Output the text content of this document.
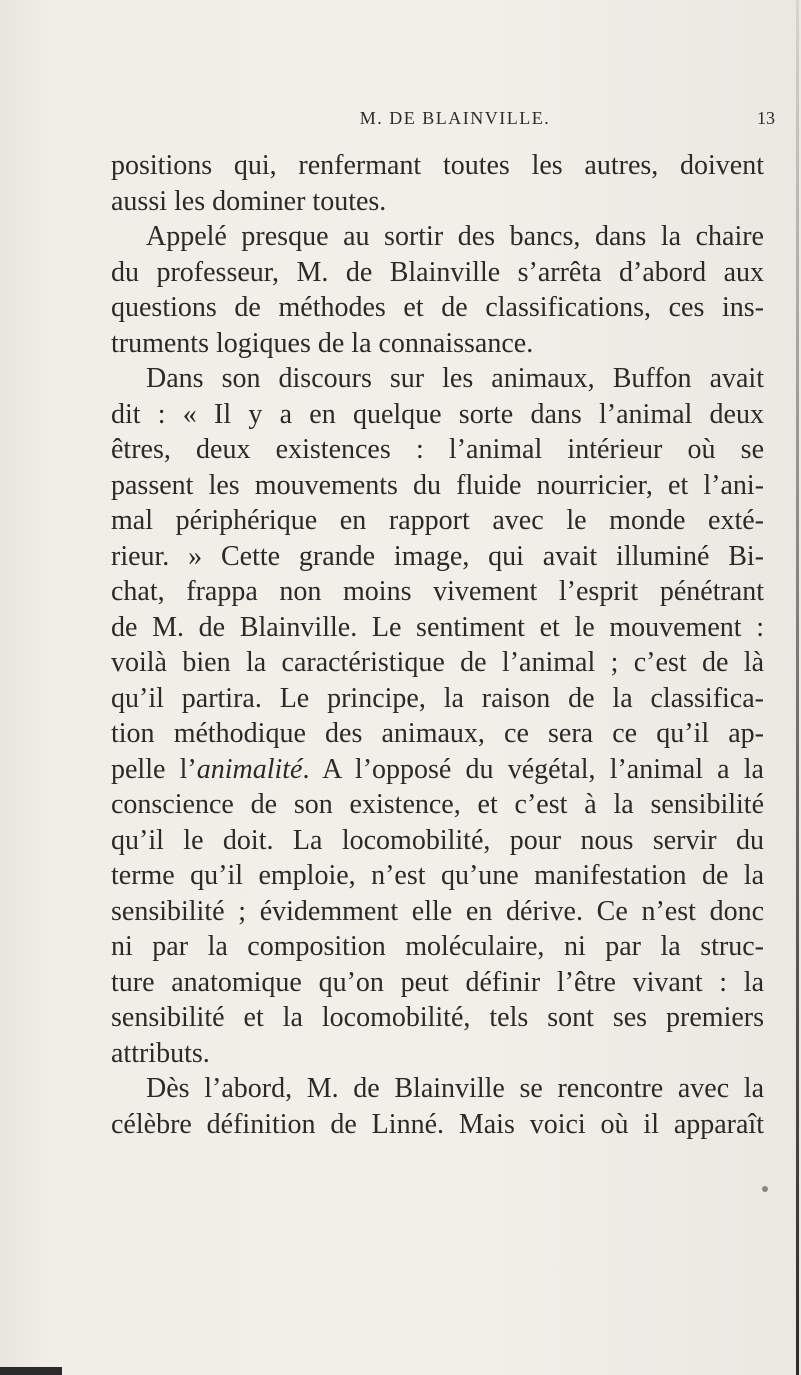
M. DE BLAINVILLE.	13

positions qui, renfermant toutes les autres, doivent

aussi les dominer toutes.

Appelé presque au sortir des bancs, dans la chaire

du professeur, M. de Blainville s’arrêta d’abord aux

questions de méthodes et de classifications, ces ins-

truments logiques de la connaissance.

Dans son discours sur les animaux, Buffon avait

dit : « Il y a en quelque sorte dans l’animal deux

êtres, deux existences : l’animal intérieur où se

passent les mouvements du fluide nourricier, et l’ani-

mal périphérique en rapport avec le monde exté-

rieur. » Cette grande image, qui avait illuminé Bi-

chat, frappa non moins vivement l’esprit pénétrant

de M. de Blainville. Le sentiment et le mouvement :

voilà bien la caractéristique de l’animal ; c’est de là

qu’il partira. Le principe, la raison de la classifica-

tion méthodique des animaux, ce sera ce qu’il ap-

pelle l’animalité. A l’opposé du végétal, l’animal a la

conscience de son existence, et c’est à la sensibilité

qu’il le doit. La locomobilité, pour nous servir du

terme qu’il emploie, n’est qu’une manifestation de la

sensibilité ; évidemment elle en dérive. Ce n’est donc

ni par la composition moléculaire, ni par la struc-

ture anatomique qu’on peut définir l’être vivant : la

sensibilité et la locomobilité, tels sont ses premiers

attributs.

Dès l’abord, M. de Blainville se rencontre avec la

célèbre définition de Linné. Mais voici où il apparaît
